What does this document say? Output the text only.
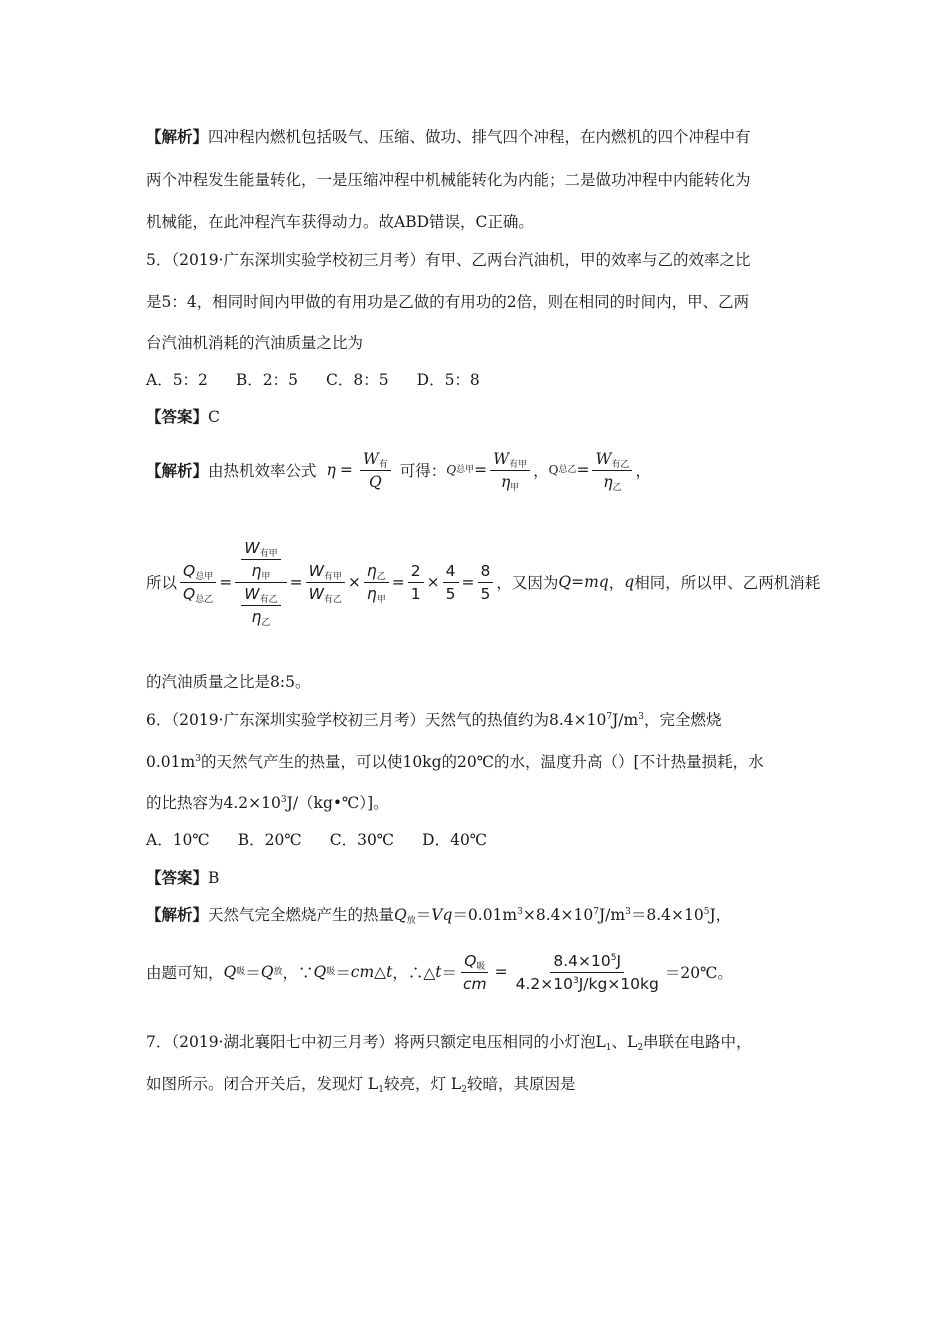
【解析】四冲程内燃机包括吸气、压缩、做功、排气四个冲程，在内燃机的四个冲程中有
两个冲程发生能量转化，一是压缩冲程中机械能转化为内能；二是做功冲程中内能转化为
机械能，在此冲程汽车获得动力。故ABD错误，C正确。
5．（2019·广东深圳实验学校初三月考）有甲、乙两台汽油机，甲的效率与乙的效率之比
是5：4，相同时间内甲做的有用功是乙做的有用功的2倍，则在相同的时间内，甲、乙两
台汽油机消耗的汽油质量之比为
A．5：2 B．2：5 C．8：5 D．5：8
【答案】C
【解析】 由热机效率公式 $\eta = \frac{W_有}{Q}$ 可得： Q 总甲 = $\frac{W_{有甲}}{\eta_甲}$ ， Q 总乙 = $\frac{W_{有乙}}{\eta_乙}$ ，
所以 $\frac{Q_{总甲}}{Q_{总乙}} = \frac{\frac{W_{有甲}}{\eta_甲}}{\frac{W_{有乙}}{\eta_乙}} = \frac{W_{有甲}}{W_{有乙}} \times \frac{\eta_乙}{\eta_甲} = \frac{2}{1} \times \frac{4}{5} = \frac{8}{5}$ ，又因为 Q=mq ， q 相同，所以甲、乙两机消耗
的汽油质量之比是8:5。
6．（2019·广东深圳实验学校初三月考）天然气的热值约为$8.4\times 10^7J/m^3$，完全燃烧
$0.01m^3$的天然气产生的热量，可以使10kg的20℃的水，温度升高（）[不计热量损耗，水
的比热容为$4.2\times 10^3J/(kg•℃)$]。
A．10℃ B．20℃ C．30℃ D．40℃
【答案】B
【解析】天然气完全燃烧产生的热量$Q_放=Vq=0.01m^3\times 8.4\times 10^7J/m^3=8.4\times 10^5J$，
由题可知， Q 吸 ＝ Q 放 ，∵ Q 吸 ＝ cm △ t ，∴△ $t = \frac{Q_吸}{cm} = \frac{8.4\times 10^5J}{4.2\times 10^3J/kg\times 10kg}$ ＝20℃。
7．（2019·湖北襄阳七中初三月考）将两只额定电压相同的小灯泡$L_1$、$L_2$串联在电路中，
如图所示。闭合开关后，发现灯 $L_1$较亮，灯 $L_2$较暗，其原因是
